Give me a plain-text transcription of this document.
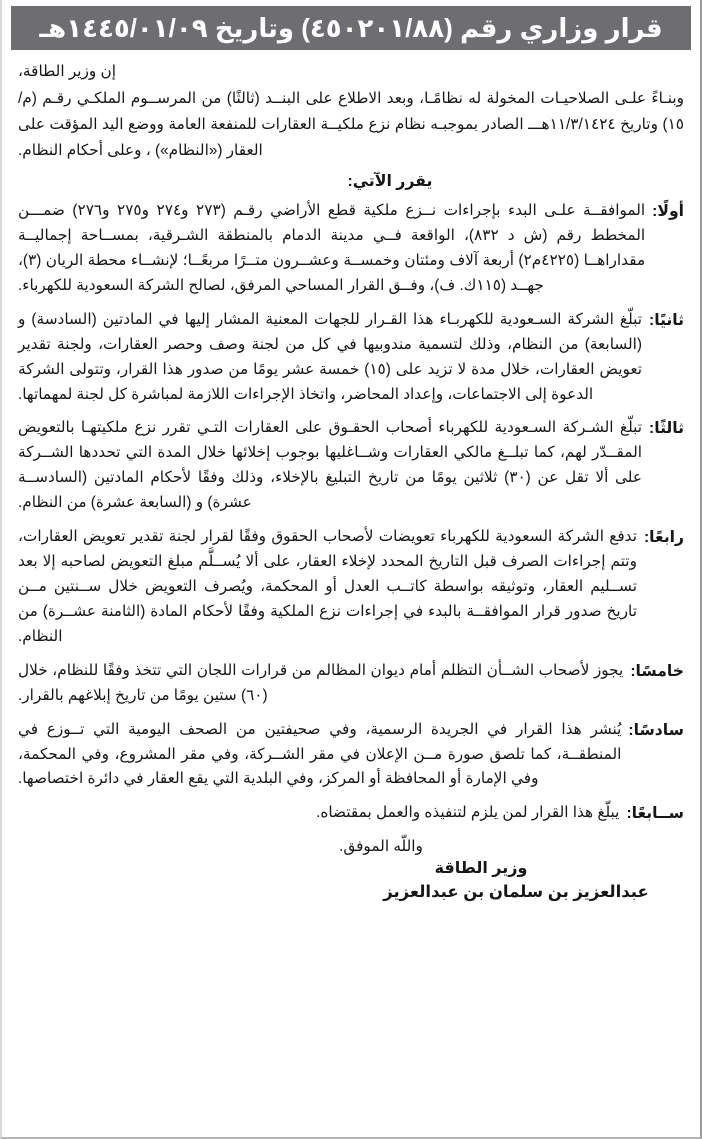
قرار وزاري رقم (٤٥٠٢٠١/٨٨) وتاريخ ١٤٤٥/٠١/٠٩هـ
إن وزير الطاقة،
وبنـاءً علـى الصلاحيـات المخولة له نظامًـا، وبعد الاطلاع على البنــد (ثالثًا) من المرســوم الملكـي رقـم (م/١٥) وتاريخ ١١/٣/١٤٢٤هـــ الصادر بموجبـه نظام نزع ملكيــة العقارات للمنفعة العامة ووضع اليد المؤقت على العقار («النظام») ، وعلى أحكام النظام.
يقرر الآتي:
أولًا:
الموافقــة علـى البدء بإجراءات نــزع ملكية قطع الأراضي رقـم (٢٧٣ و٢٧٤ و٢٧٥ و٢٧٦) ضمـــن المخطط رقم (ش د ٨٣٢)، الواقعة فــي مدينة الدمام بالمنطقة الشـرقية، بمســاحة إجماليــة مقداراهــا (٤٢٢٥م٢) أربعة آلاف ومئتان وخمســة وعشــرون متــرًا مربعًــا؛ لإنشــاء محطة الريان (٣)، جهــد (١١٥ك. ف)، وفــق القرار المساحي المرفق، لصالح الشركة السعودية للكهرباء.
ثانيًا:
تبلّغ الشركة السـعودية للكهربـاء هذا القـرار للجهات المعنية المشار إليها في المادتين (السادسة) و (السابعة) من النظام، وذلك لتسمية مندوبيها في كل من لجنة وصف وحصر العقارات، ولجنة تقدير تعويض العقارات، خلال مدة لا تزيد على (١٥) خمسة عشر يومًا من صدور هذا القرار، وتتولى الشركة الدعوة إلى الاجتماعات، وإعداد المحاضر، واتخاذ الإجراءات اللازمة لمباشرة كل لجنة لمهماتها.
ثالثًا:
تبلّغ الشـركة السـعودية للكهرباء أصحاب الحقـوق على العقارات التـي تقرر نزع ملكيتهـا بالتعويض المقــدّر لهم، كما تبلــغ مالكي العقارات وشــاغليها بوجوب إخلائها خلال المدة التي تحددها الشــركة على ألا تقل عن (٣٠) ثلاثين يومًا من تاريخ التبليغ بالإخلاء، وذلك وفقًا لأحكام المادتين (السادســة عشرة) و (السابعة عشرة) من النظام.
رابعًا:
تدفع الشركة السعودية للكهرباء تعويضات لأصحاب الحقوق وفقًا لقرار لجنة تقدير تعويض العقارات، وتتم إجراءات الصرف قبل التاريخ المحدد لإخلاء العقار، على ألا يُســلَّم مبلغ التعويض لصاحبه إلا بعد تســليم العقار، وتوثيقه بواسطة كاتــب العدل أو المحكمة، ويُصرف التعويض خلال ســنتين مــن تاريخ صدور قرار الموافقــة بالبدء في إجراءات نزع الملكية وفقًا لأحكام المادة (الثامنة عشــرة) من النظام.
خامسًا:
يجوز لأصحاب الشــأن التظلم أمام ديوان المظالم من قرارات اللجان التي تتخذ وفقًا للنظام، خلال (٦٠) ستين يومًا من تاريخ إبلاغهم بالقرار.
سادسًا:
يُنشر هذا القرار في الجريدة الرسمية، وفي صحيفتين من الصحف اليومية التي تــوزع في المنطقــة، كما تلصق صورة مــن الإعلان في مقر الشــركة، وفي مقر المشروع، وفي المحكمة، وفي الإمارة أو المحافظة أو المركز، وفي البلدية التي يقع العقار في دائرة اختصاصها.
ســابعًا:
يبلّغ هذا القرار لمن يلزم لتنفيذه والعمل بمقتضاه.
واللّه الموفق.
وزير الطاقة
عبدالعزيز بن سلمان بن عبدالعزيز
